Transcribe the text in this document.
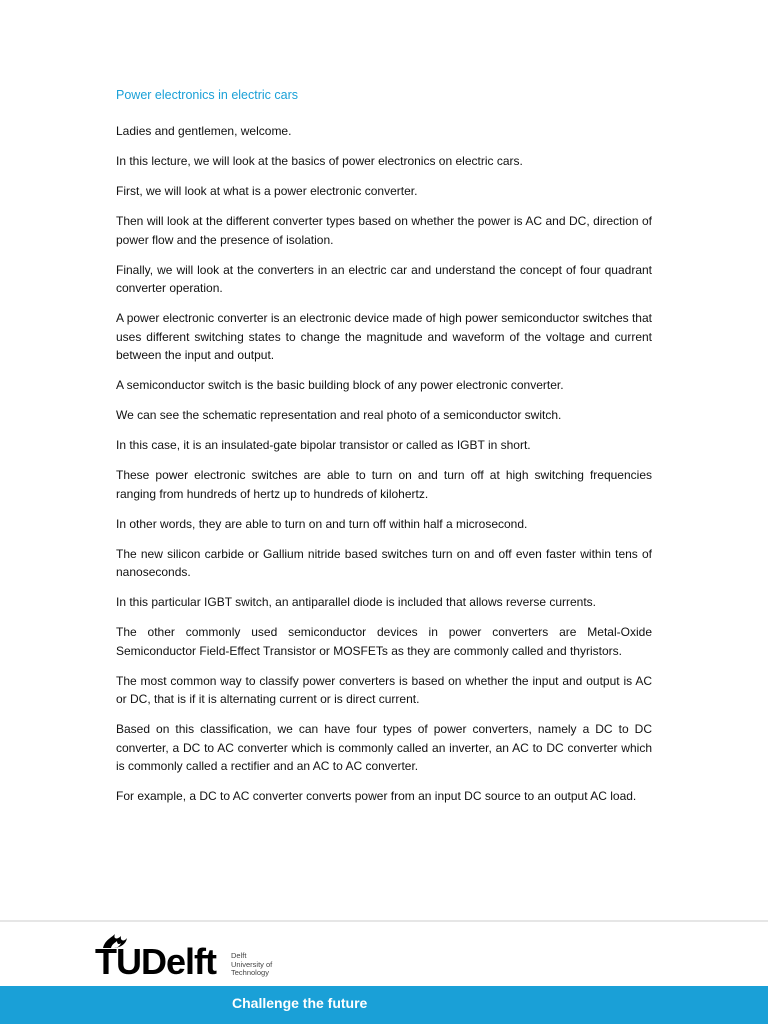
Power electronics in electric cars

Ladies and gentlemen, welcome.

In this lecture, we will look at the basics of power electronics on electric cars.

First, we will look at what is a power electronic converter.

Then will look at the different converter types based on whether the power is AC and DC, direction of power flow and the presence of isolation.

Finally, we will look at the converters in an electric car and understand the concept of four quadrant converter operation.

A power electronic converter is an electronic device made of high power semiconductor switches that uses different switching states to change the magnitude and waveform of the voltage and current between the input and output.

A semiconductor switch is the basic building block of any power electronic converter.

We can see the schematic representation and real photo of a semiconductor switch.

In this case, it is an insulated-gate bipolar transistor or called as IGBT in short.

These power electronic switches are able to turn on and turn off at high switching frequencies ranging from hundreds of hertz up to hundreds of kilohertz.

In other words, they are able to turn on and turn off within half a microsecond.

The new silicon carbide or Gallium nitride based switches turn on and off even faster within tens of nanoseconds.

In this particular IGBT switch, an antiparallel diode is included that allows reverse currents.

The other commonly used semiconductor devices in power converters are Metal-Oxide Semiconductor Field-Effect Transistor or MOSFETs as they are commonly called and thyristors.

The most common way to classify power converters is based on whether the input and output is AC or DC, that is if it is alternating current or is direct current.

Based on this classification, we can have four types of power converters, namely a DC to DC converter, a DC to AC converter which is commonly called an inverter, an AC to DC converter which is commonly called a rectifier and an AC to AC converter.

For example, a DC to AC converter converts power from an input DC source to an output AC load.

TUDelft Delft
University of
Technology
Challenge the future
